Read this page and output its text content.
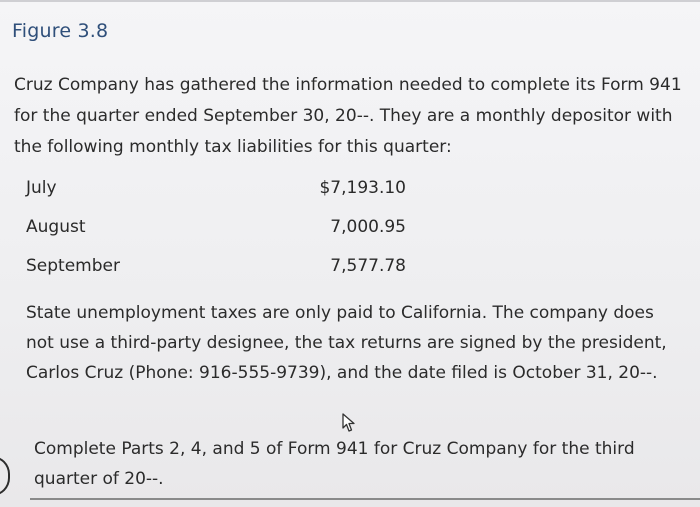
Figure 3.8
Cruz Company has gathered the information needed to complete its Form 941 for the quarter ended September 30, 20--. They are a monthly depositor with the following monthly tax liabilities for this quarter:
July	$7,193.10
August	7,000.95
September	7,577.78
State unemployment taxes are only paid to California. The company does not use a third-party designee, the tax returns are signed by the president, Carlos Cruz (Phone: 916-555-9739), and the date filed is October 31, 20--.
Complete Parts 2, 4, and 5 of Form 941 for Cruz Company for the third quarter of 20--.
